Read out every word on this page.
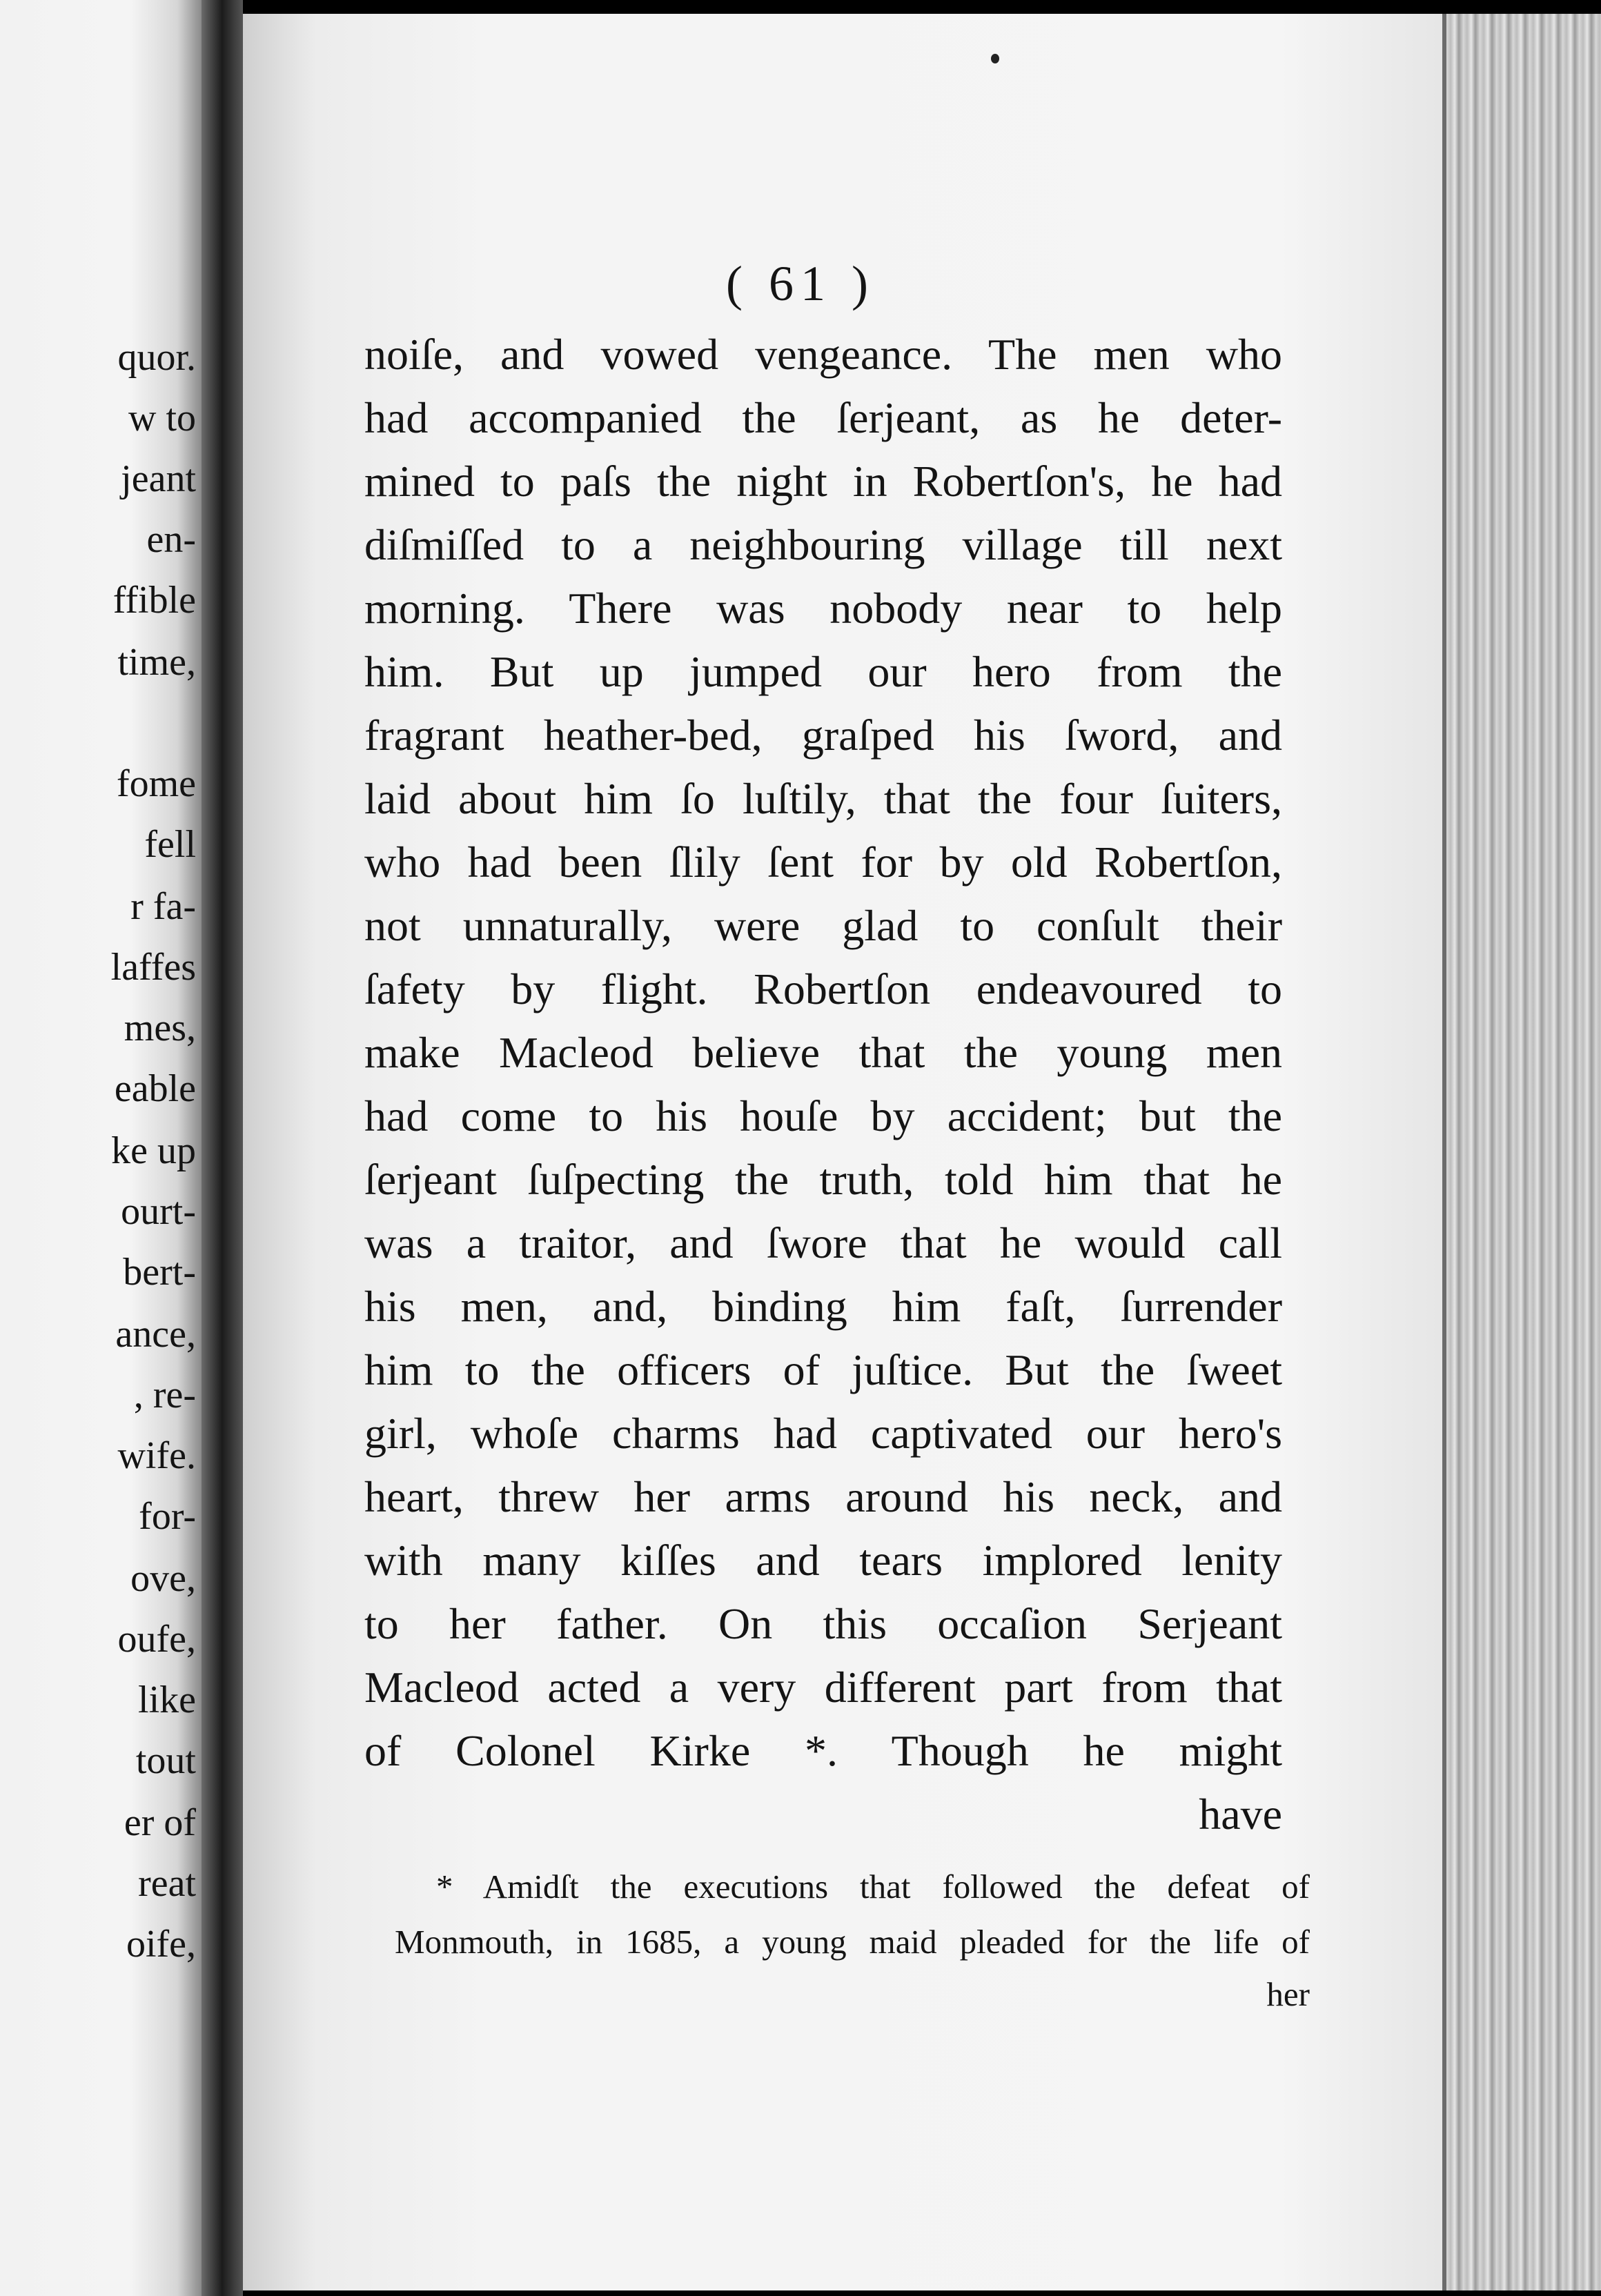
quor.
w to
jeant
en-
ffible
time,
fome
fell
r fa-
laffes
mes,
eable
ke up
ourt-
bert-
ance,
, re-
wife.
for-
ove,
oufe,
like
tout
er of
reat
oife,
( 61 )
noiſe, and vowed vengeance. The men who
had accompanied the ſerjeant, as he deter-
mined to paſs the night in Robertſon's, he had
diſmiſſed to a neighbouring village till next
morning. There was nobody near to help
him. But up jumped our hero from the
fragrant heather-bed, graſped his ſword, and
laid about him ſo luſtily, that the four ſuiters,
who had been ſlily ſent for by old Robertſon,
not unnaturally, were glad to conſult their
ſafety by flight. Robertſon endeavoured to
make Macleod believe that the young men
had come to his houſe by accident; but the
ſerjeant ſuſpecting the truth, told him that he
was a traitor, and ſwore that he would call
his men, and, binding him faſt, ſurrender
him to the officers of juſtice. But the ſweet
girl, whoſe charms had captivated our hero's
heart, threw her arms around his neck, and
with many kiſſes and tears implored lenity
to her father. On this occaſion Serjeant
Macleod acted a very different part from that
of Colonel Kirke *. Though he might
have
* Amidſt the executions that followed the defeat of
Monmouth, in 1685, a young maid pleaded for the life of
her
